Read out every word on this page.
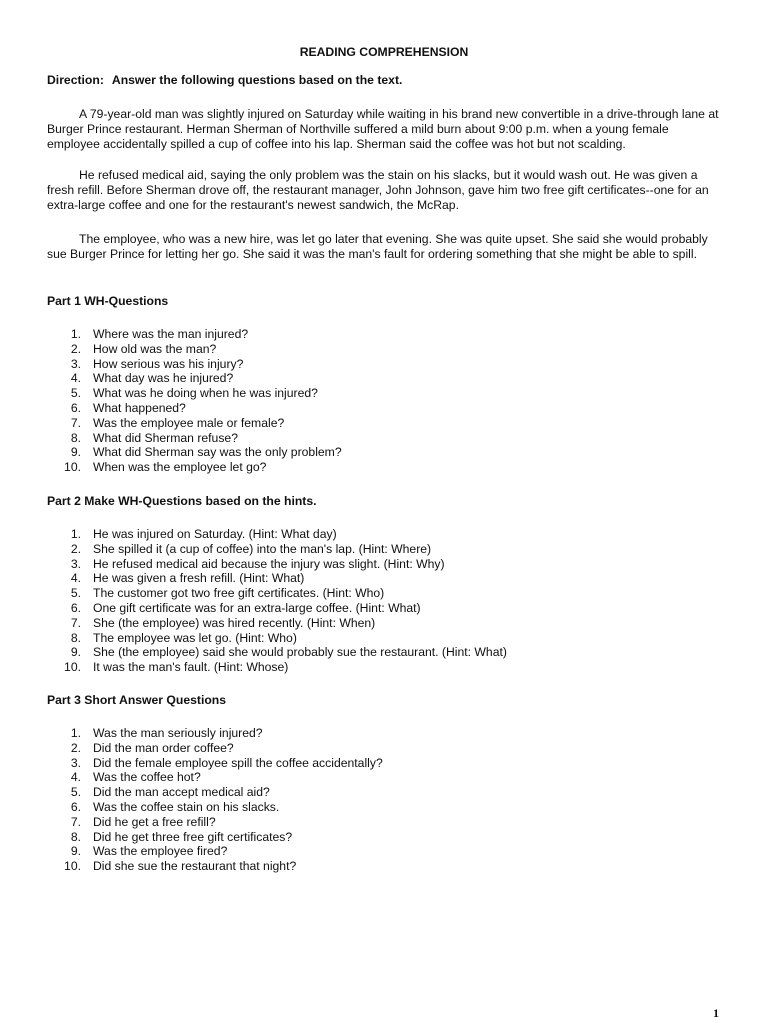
READING COMPREHENSION
Direction: Answer the following questions based on the text.

A 79-year-old man was slightly injured on Saturday while waiting in his brand new convertible in a drive-through lane at Burger Prince restaurant. Herman Sherman of Northville suffered a mild burn about 9:00 p.m. when a young female employee accidentally spilled a cup of coffee into his lap. Sherman said the coffee was hot but not scalding.

He refused medical aid, saying the only problem was the stain on his slacks, but it would wash out. He was given a fresh refill. Before Sherman drove off, the restaurant manager, John Johnson, gave him two free gift certificates--one for an extra-large coffee and one for the restaurant's newest sandwich, the McRap.

The employee, who was a new hire, was let go later that evening. She was quite upset. She said she would probably sue Burger Prince for letting her go. She said it was the man's fault for ordering something that she might be able to spill.

Part 1 WH-Questions
1. Where was the man injured?
2. How old was the man?
3. How serious was his injury?
4. What day was he injured?
5. What was he doing when he was injured?
6. What happened?
7. Was the employee male or female?
8. What did Sherman refuse?
9. What did Sherman say was the only problem?
10. When was the employee let go?
Part 2 Make WH-Questions based on the hints.
1. He was injured on Saturday. (Hint: What day)
2. She spilled it (a cup of coffee) into the man's lap. (Hint: Where)
3. He refused medical aid because the injury was slight. (Hint: Why)
4. He was given a fresh refill. (Hint: What)
5. The customer got two free gift certificates. (Hint: Who)
6. One gift certificate was for an extra-large coffee. (Hint: What)
7. She (the employee) was hired recently. (Hint: When)
8. The employee was let go. (Hint: Who)
9. She (the employee) said she would probably sue the restaurant. (Hint: What)
10. It was the man's fault. (Hint: Whose)
Part 3 Short Answer Questions
1. Was the man seriously injured?
2. Did the man order coffee?
3. Did the female employee spill the coffee accidentally?
4. Was the coffee hot?
5. Did the man accept medical aid?
6. Was the coffee stain on his slacks.
7. Did he get a free refill?
8. Did he get three free gift certificates?
9. Was the employee fired?
10. Did she sue the restaurant that night?
1
